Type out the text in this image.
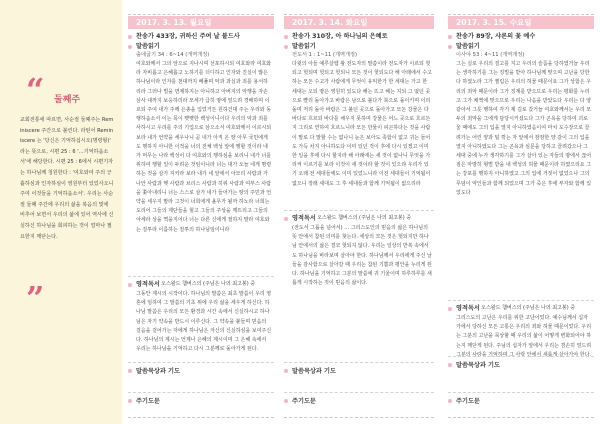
“ 둘째주
교회전통에 따르면, 사순절 둘째주는 Reminiscere 주간으로 불린다. 라틴어 Reminiscere 는 '당신은 기억하십시오(명령형)' 라는 뜻으로, 시편 25 : 6 '…기억하옵소서'에 해당한다. 시편 25 : 6에서 시편기자는 하나님께 청원한다 : '여호와여 주의 긍휼하심과 인자하심이 영원부터 있었사오니 주여 이것들을 기억하옵소서'. 우리는 사순절 둘째 주간에 우리의 삶을 복음의 빛에 비추어 보면서 우리의 삶에 있어 역사에 신실하신 하나님을 회피하는 것이 얼마나 필요한지 깨닫는다.
”
2017. 3. 13. 월요일
찬송가 433장, 귀하신 주여 날 붙드사
말씀읽기
출애굽기 34 : 6~14 (개역개정)
여호와께서 그의 앞으로 지나시며 선포하시되 여호와라 여호와라 자비롭고 은혜롭고 노하기를 더디하고 인자와 진실이 많은 하나님이라 인자를 천대까지 베풀며 악과 과실과 죄를 용서하리라 그러나 벌을 면제하지는 아니하고 아버지의 악행을 자손 삼사 대까지 보응하리라 모세가 급히 땅에 엎드려 경배하며 이르되 주여 내가 주께 은총을 입었거든 원하건대 주는 우리와 동행하옵소서 이는 목이 뻣뻣한 백성이니이다 우리의 악과 죄를 사하시고 우리를 주의 기업으로 삼으소서 여호와께서 이르시되 보라 내가 언약을 세우나니 곧 내가 아직 온 땅 아무 국민에게도 행하지 아니한 이적을 너의 전체 백성 앞에 행할 것이라 네가 머무는 나라 백성이 다 여호와의 행하심을 보리니 내가 너를 위하여 행할 일이 두려운 것임이니라 너는 내가 오늘 네게 명령하는 것을 삼가 지키라 보라 내가 네 앞에서 아모리 사람과 가나안 사람과 헷 사람과 브리스 사람과 히위 사람과 여부스 사람을 쫓아내리니 너는 스스로 삼가 네가 들어가는 땅의 주민과 언약을 세우지 말라 그것이 너희에게 올무가 될까 하노라 너희는 도리어 그들의 제단들을 헐고 그들의 주상을 깨뜨리고 그들의 아세라 상을 찍을지어다 너는 다른 신에게 절하지 말라 여호와는 질투라 이름하는 질투의 하나님임이니라
영적독서
  오스왈드 챔버스의 (주님은 나의 최고봉) 중
그동안 계시의 시작이다. 하나님의 말씀은 최초 말씀이 우리 영혼에 임하여 그 말씀의 기초 위에 우리 삶을 세우게 하신다. 하나님 말씀은 우리의 모든 환경과 시간 속에서 신실하시고 하나님은 자기 약속을 반드시 이루신다. 그 약속을 붙들며 믿음의 걸음을 걸어가는 자에게 하나님은 자신의 신실하심을 보여주신다. 하나님의 계시는 언제나 은혜의 계시이며 그 은혜 속에서 우리는 하나님을 기억하고 다시 그분께로 돌아가게 된다.
말씀묵상과 기도
주기도문
2017. 3. 14. 화요일
찬송가 310장, 아 하나님의 은혜로
말씀읽기
전도서 1 : 1~11 (개역개정)
다윗의 아들 예루살렘 왕 전도자의 말씀이라 전도자가 이르되 헛되고 헛되며 헛되고 헛되니 모든 것이 헛되도다 해 아래에서 수고하는 모든 수고가 사람에게 무엇이 유익한가 한 세대는 가고 한 세대는 오되 땅은 영원히 있도다 해는 뜨고 해는 지되 그 떴던 곳으로 빨리 돌아가고 바람은 남으로 불다가 북으로 돌이키며 이리 돌며 저리 돌아 바람은 그 불던 곳으로 돌아가고 모든 강물은 다 바다로 흐르되 바다를 채우지 못하며 강물은 어느 곳으로 흐르든지 그리로 연하여 흐르느니라 모든 만물이 피곤하다는 것을 사람이 말로 다 말할 수는 없나니 눈은 보아도 족함이 없고 귀는 들어도 가득 차지 아니하도다 이미 있던 것이 후에 다시 있겠고 이미 한 일을 후에 다시 할지라 해 아래에는 새 것이 없나니 무엇을 가리켜 이르기를 보라 이것이 새 것이라 할 것이 있으랴 우리가 있기 오래 전 세대들에도 이미 있었느니라 이전 세대들이 기억됨이 없으니 장래 세대도 그 후 세대들과 함께 기억됨이 없으리라
영적독서
  오스왈드 챔버스의 (주님은 나의 최고봉) 중
(전도서 그룹을 넘어서) … 그리스도인의 믿음의 삶은 하나님의 뜻 안에서 참된 의미를 찾는다. 세상의 모든 것은 헛되지만 하나님 안에서의 삶은 결코 헛되지 않다. 우리는 일상의 반복 속에서도 하나님을 바라보며 살아야 한다. 하나님께서 우리에게 주신 날들을 감사함으로 살아갈 때 우리는 참된 기쁨과 평안을 누리게 된다. 하나님을 기억하고 그분의 말씀에 귀 기울이며 하루하루를 새롭게 시작하는 것이 믿음의 삶이다.
말씀묵상과 기도
주기도문
2017. 3. 15. 수요일
찬송가 89장, 샤론의 꽃 예수
말씀읽기
이사야 53 : 4~11 (개역개정)
그는 실로 우리의 질고를 지고 우리의 슬픔을 당하였거늘 우리는 생각하기를 그는 징벌을 받아 하나님께 맞으며 고난을 당한다 하였노라 그가 찔림은 우리의 허물 때문이요 그가 상함은 우리의 죄악 때문이라 그가 징계를 받으므로 우리는 평화를 누리고 그가 채찍에 맞으므로 우리는 나음을 받았도다 우리는 다 양 같아서 그릇 행하여 각기 제 길로 갔거늘 여호와께서는 우리 모두의 죄악을 그에게 담당시키셨도다 그가 곤욕을 당하여 괴로울 때에도 그의 입을 열지 아니하였음이여 마치 도수장으로 끌려가는 어린 양과 털 깎는 자 앞에서 잠잠한 양 같이 그의 입을 열지 아니하였도다 그는 곤욕과 심문을 당하고 끌려갔으나 그 세대 중에 누가 생각하기를 그가 살아 있는 자들의 땅에서 끊어짐은 마땅히 형벌 받을 내 백성의 허물 때문이라 하였으리요 그는 강포를 행하지 아니하였고 그의 입에 거짓이 없었으나 그의 무덤이 악인들과 함께 되었으며 그가 죽은 후에 부자와 함께 있었도다
영적독서
  오스왈드 챔버스의 (주님은 나의 최고봉) 중
그리스도의 고난은 우리를 위한 고난이었다. 예수님께서 십자가에서 당하신 모든 고통은 우리의 죄와 허물 때문이었다. 우리는 그분의 고난을 묵상할 때 우리의 삶이 어떻게 변화되어야 하는지 깨닫게 된다. 주님의 십자가 앞에서 우리는 겸손히 엎드려 그분의 사랑을 기억하며 그 사랑 안에서 새롭게 살아가야 한다.
말씀묵상과 기도
주기도문
